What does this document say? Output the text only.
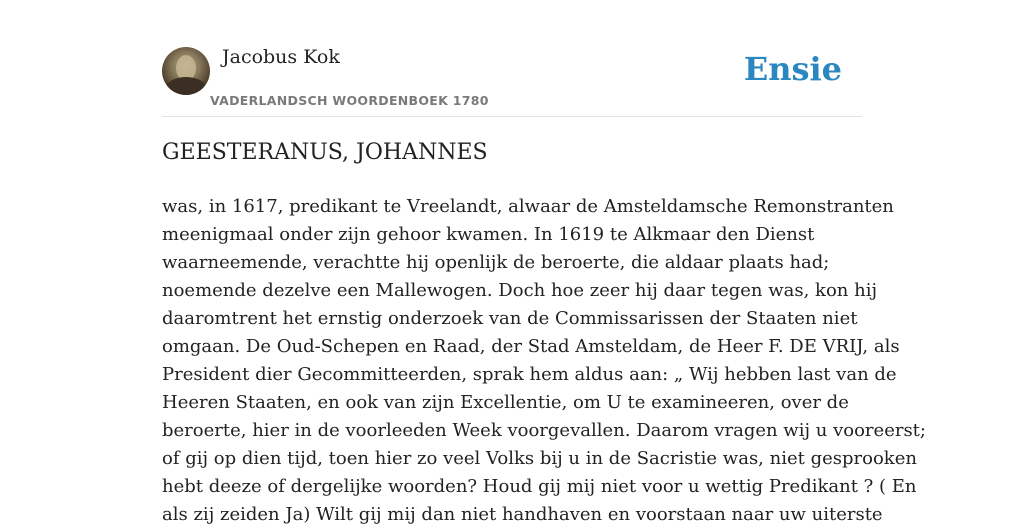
Jacobus Kok
VADERLANDSCH WOORDENBOEK 1780
Ensie
GEESTERANUS, JOHANNES
was, in 1617, predikant te Vreelandt, alwaar de Amsteldamsche Remonstranten
meenigmaal onder zijn gehoor kwamen. In 1619 te Alkmaar den Dienst
waarneemende, verachtte hij openlijk de beroerte, die aldaar plaats had;
noemende dezelve een Mallewogen. Doch hoe zeer hij daar tegen was, kon hij
daaromtrent het ernstig onderzoek van de Commissarissen der Staaten niet
omgaan. De Oud-Schepen en Raad, der Stad Amsteldam, de Heer F. DE VRIJ, als
President dier Gecommitteerden, sprak hem aldus aan: „ Wij hebben last van de
Heeren Staaten, en ook van zijn Excellentie, om U te examineeren, over de
beroerte, hier in de voorleeden Week voorgevallen. Daarom vragen wij u vooreerst;
of gij op dien tijd, toen hier zo veel Volks bij u in de Sacristie was, niet gesprooken
hebt deeze of dergelijke woorden? Houd gij mij niet voor u wettig Predikant ? ( En
als zij zeiden Ja) Wilt gij mij dan niet handhaven en voorstaan naar uw uiterste
